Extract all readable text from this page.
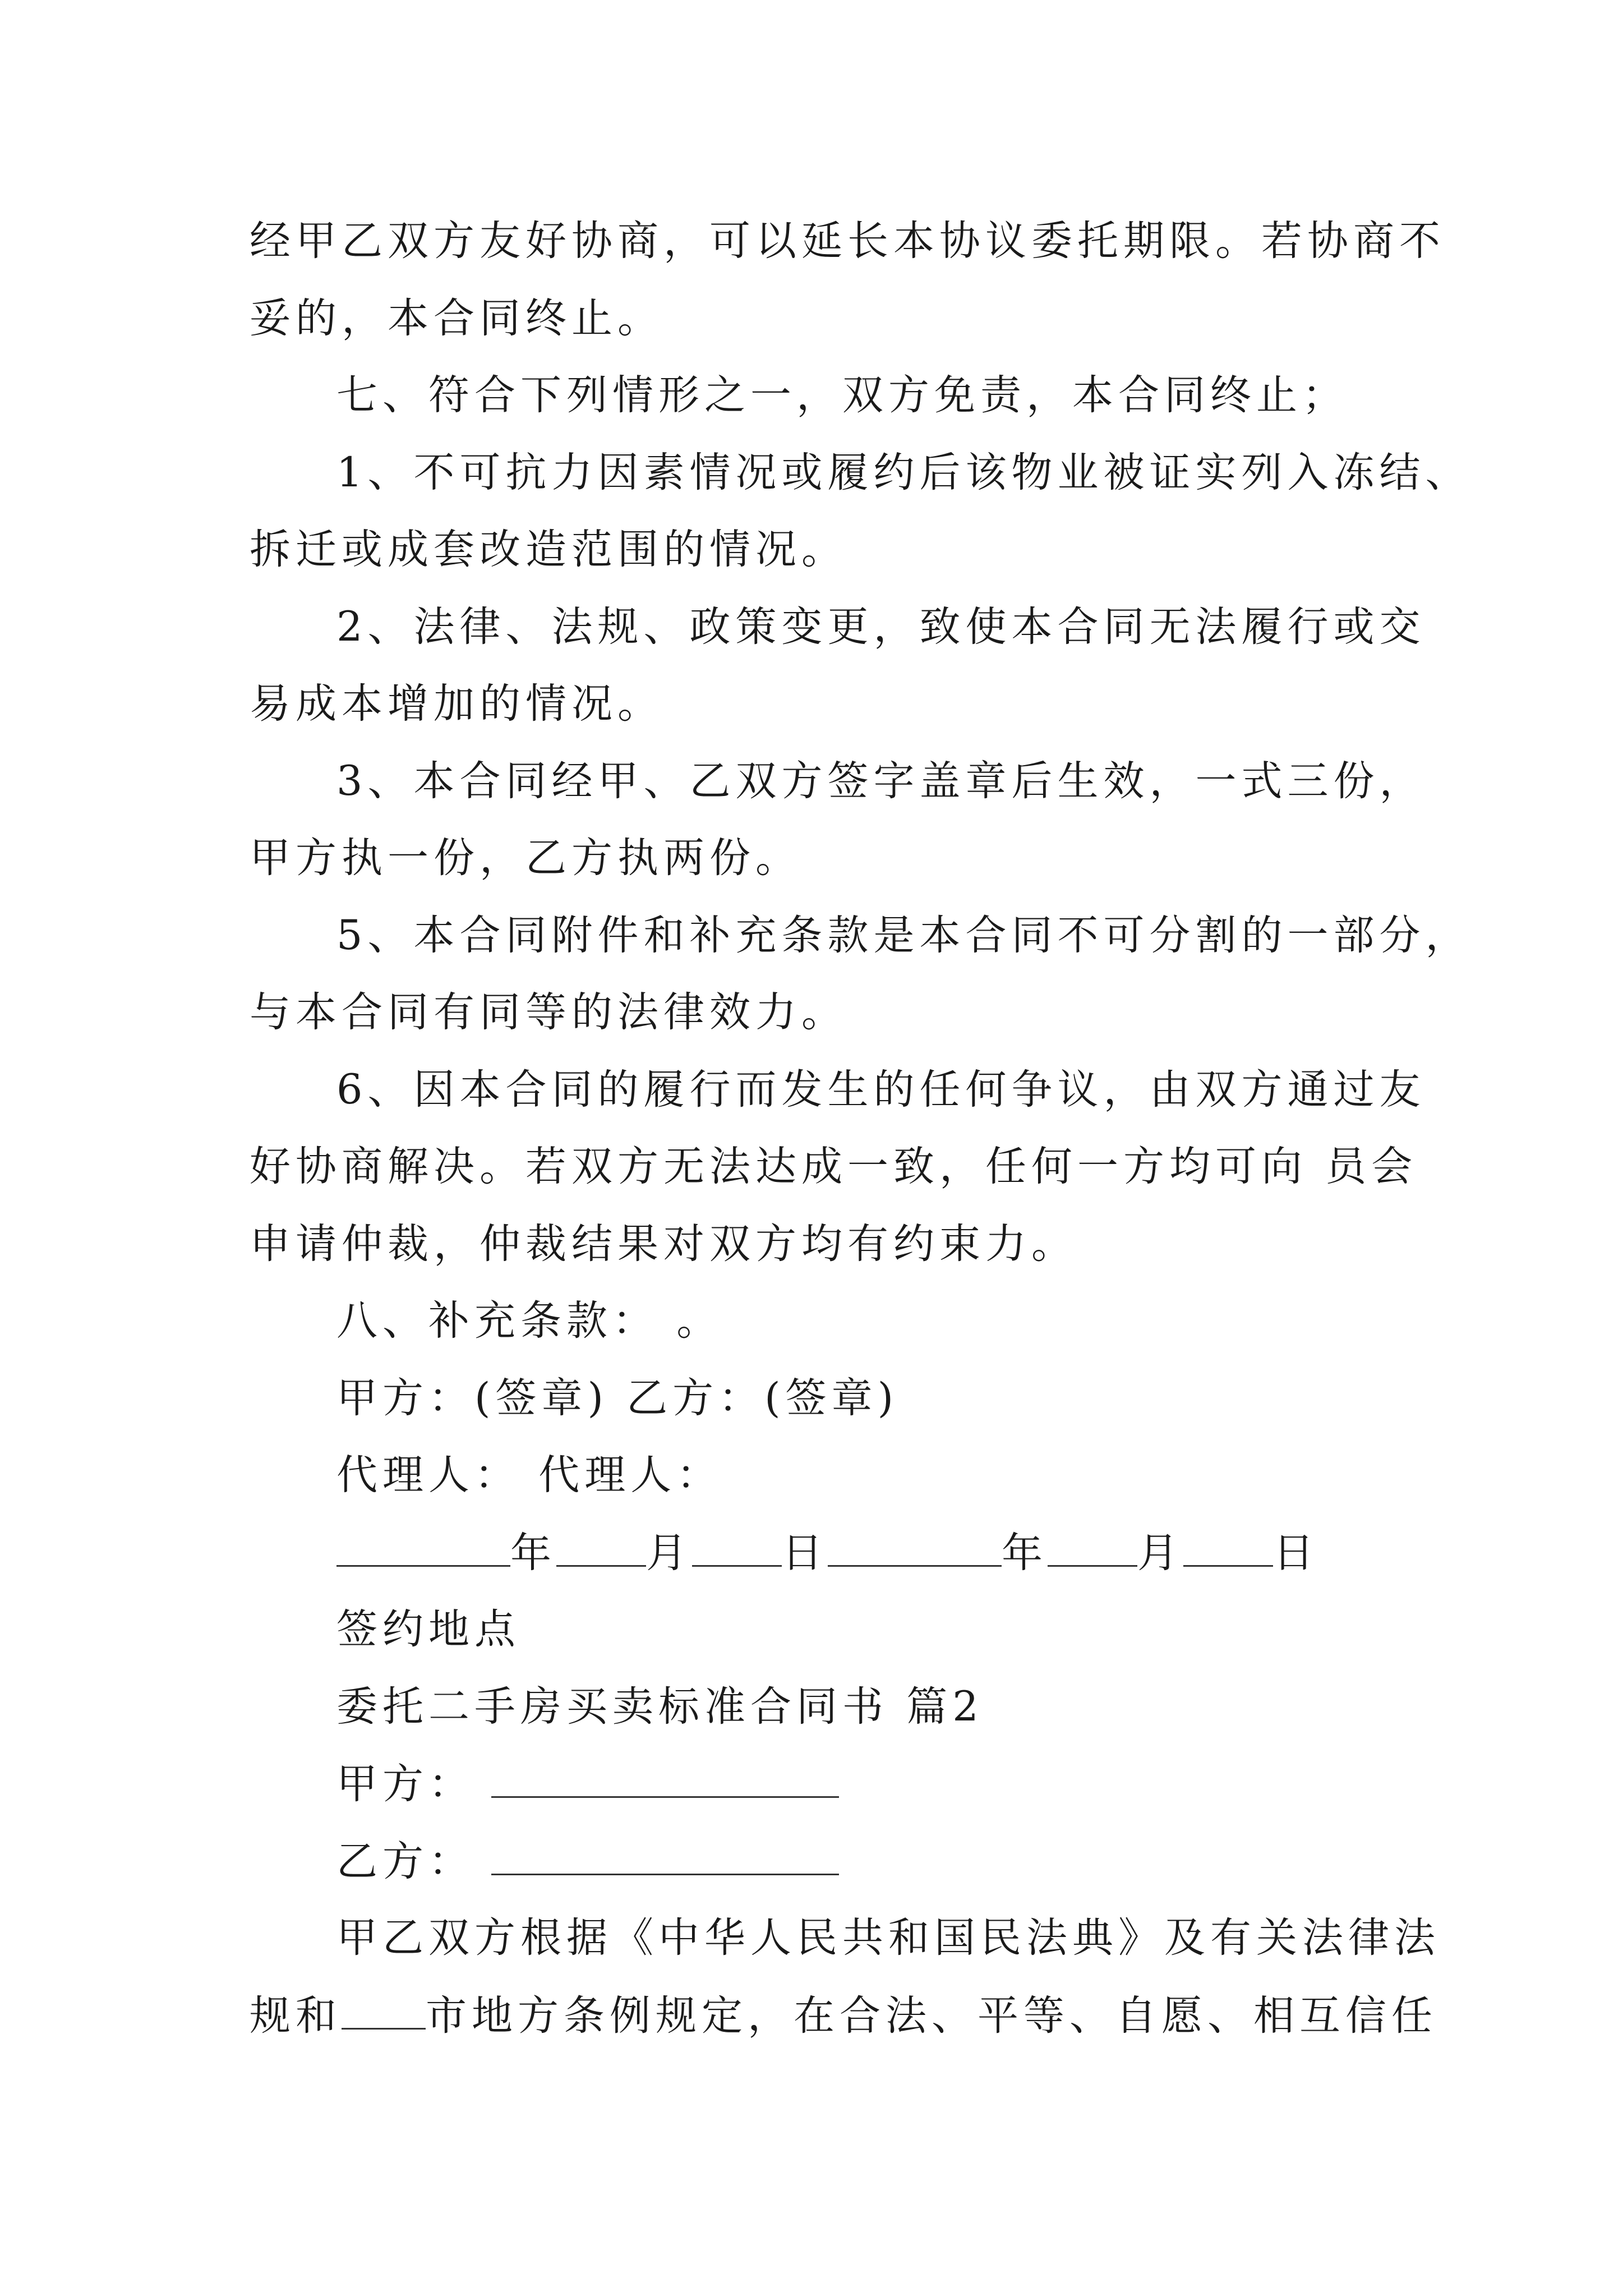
经甲乙双方友好协商，可以延长本协议委托期限。若协商不
妥的，本合同终止。
七、符合下列情形之一，双方免责，本合同终止；
1、不可抗力因素情况或履约后该物业被证实列入冻结、
拆迁或成套改造范围的情况。
2、法律、法规、政策变更，致使本合同无法履行或交
易成本增加的情况。
3、本合同经甲、乙双方签字盖章后生效，一式三份，
甲方执一份，乙方执两份。
5、本合同附件和补充条款是本合同不可分割的一部分，
与本合同有同等的法律效力。
6、因本合同的履行而发生的任何争议，由双方通过友
好协商解决。若双方无法达成一致，任何一方均可向 员会
申请仲裁，仲裁结果对双方均有约束力。
八、补充条款： 。
甲方：(签章) 乙方：(签章)
代理人： 代理人：
年 月 日	年 月 日
签约地点
委托二手房买卖标准合同书 篇2
甲方：
乙方：
甲乙双方根据《中华人民共和国民法典》及有关法律法
规和 市地方条例规定，在合法、平等、自愿、相互信任
